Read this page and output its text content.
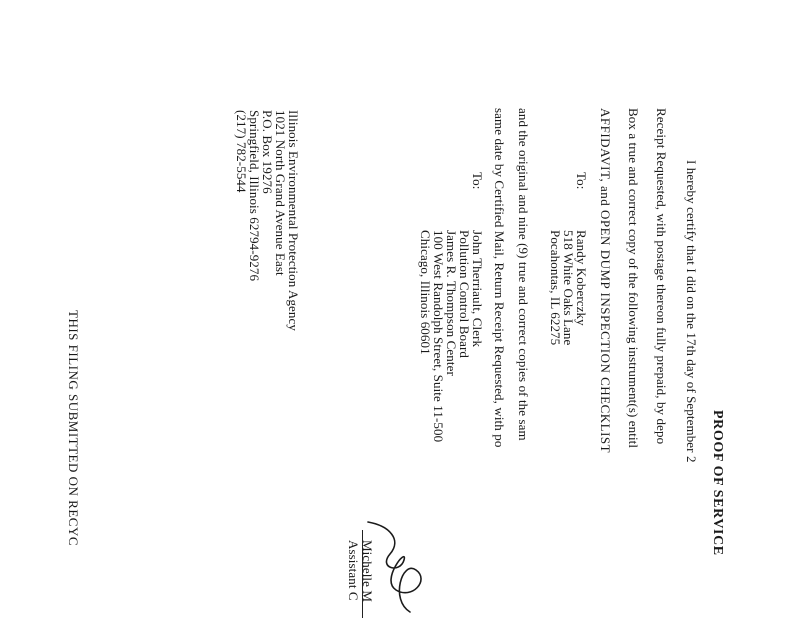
PROOF OF SERVICE
I hereby certify that I did on the 17th day of September 2
Receipt Requested, with postage thereon fully prepaid, by depo
Box a true and correct copy of the following instrument(s) entitl
AFFIDAVIT, and OPEN DUMP INSPECTION CHECKLIST
To:
Randy Koberczky
518 White Oaks Lane
Pocahontas, IL 62275
and the original and nine (9) true and correct copies of the sam
same date by Certified Mail, Return Receipt Requested, with po
To:
John Therriault, Clerk
Pollution Control Board
James R. Thompson Center
100 West Randolph Street, Suite 11-500
Chicago, Illinois 60601
Michelle M
Assistant C
Illinois Environmental Protection Agency
1021 North Grand Avenue East
P.O. Box 19276
Springfield, Illinois 62794-9276
(217) 782-5544
THIS FILING SUBMITTED ON RECYC
